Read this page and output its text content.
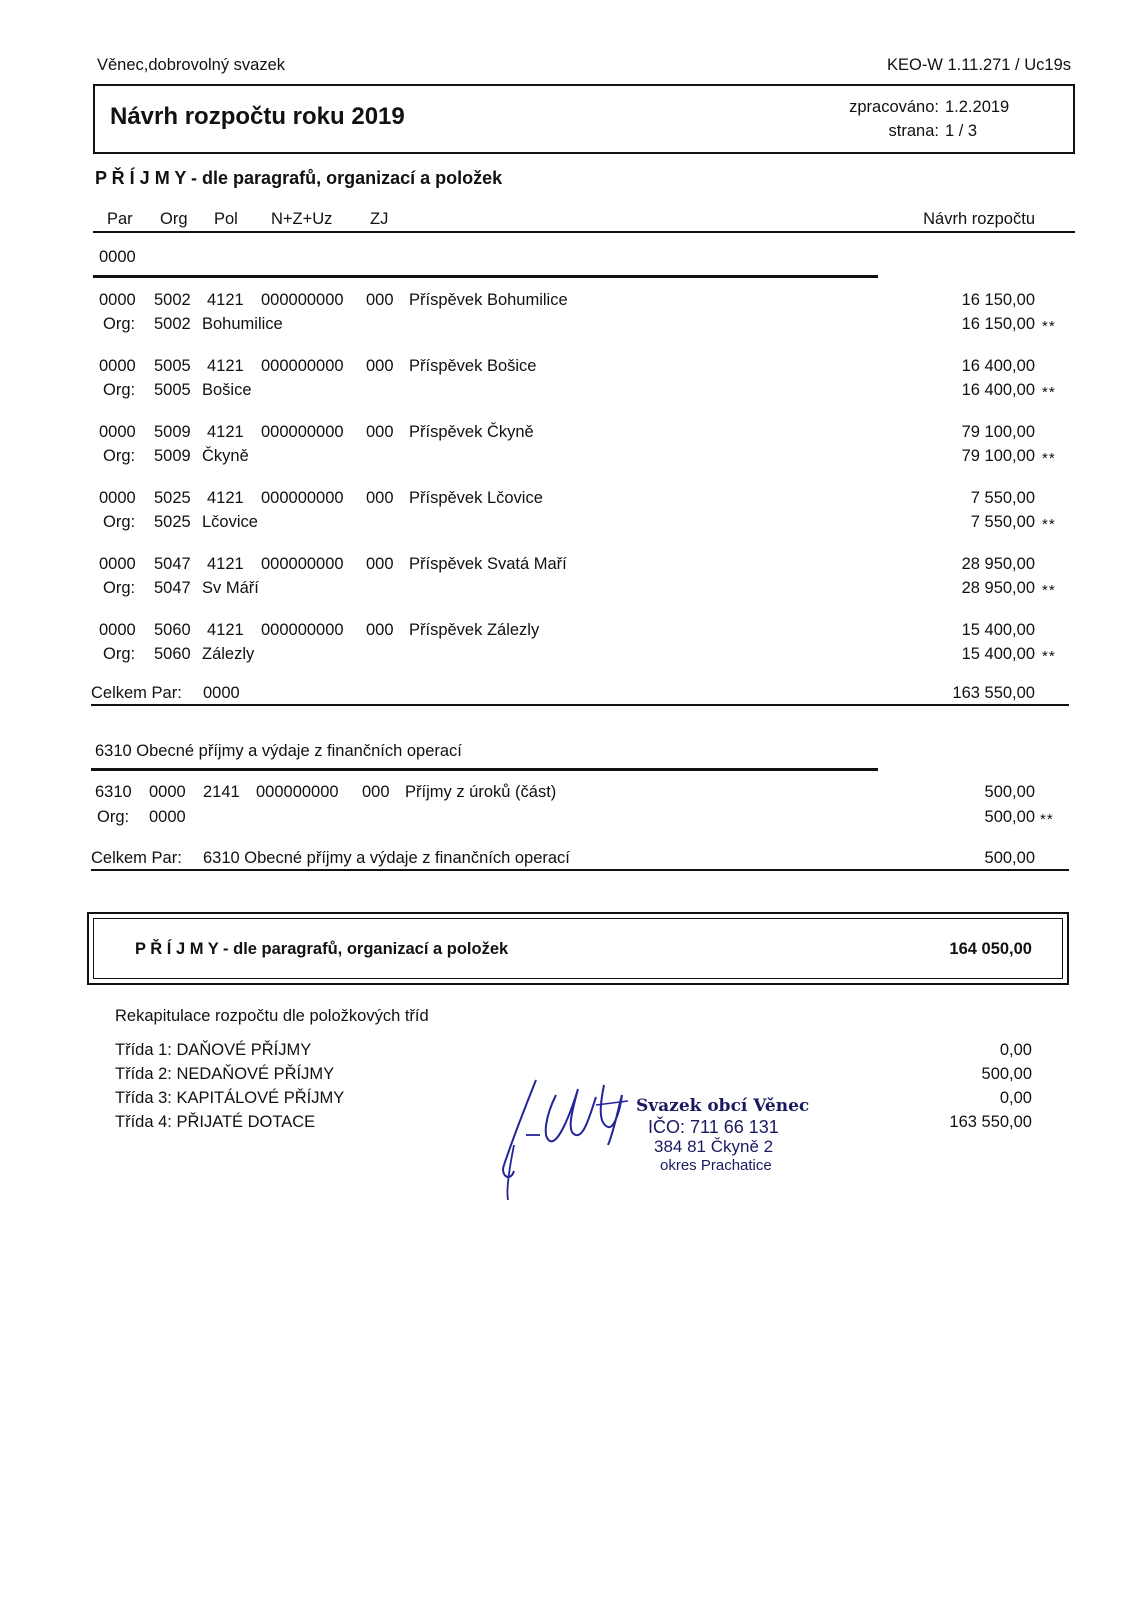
Věnec,dobrovolný svazek	KEO-W 1.11.271 / Uc19s
Návrh rozpočtu roku 2019	zpracováno: 1.2.2019
strana: 1 / 3
P Ř Í J M Y - dle paragrafů, organizací a položek
Par Org Pol N+Z+Uz ZJ	Návrh rozpočtu
0000
0000 5002 4121 000000000 000 Příspěvek Bohumilice	16 150,00
Org: 5002 Bohumilice	16 150,00 **
0000 5005 4121 000000000 000 Příspěvek Bošice	16 400,00
Org: 5005 Bošice	16 400,00 **
0000 5009 4121 000000000 000 Příspěvek Čkyně	79 100,00
Org: 5009 Čkyně	79 100,00 **
0000 5025 4121 000000000 000 Příspěvek Lčovice	7 550,00
Org: 5025 Lčovice	7 550,00 **
0000 5047 4121 000000000 000 Příspěvek Svatá Maří	28 950,00
Org: 5047 Sv Máří	28 950,00 **
0000 5060 4121 000000000 000 Příspěvek Zálezly	15 400,00
Org: 5060 Zálezly	15 400,00 **
Celkem Par: 0000	163 550,00
6310 Obecné příjmy a výdaje z finančních operací
6310 0000 2141 000000000 000 Příjmy z úroků (část)	500,00
Org: 0000	500,00 **
Celkem Par: 6310 Obecné příjmy a výdaje z finančních operací	500,00
P Ř Í J M Y - dle paragrafů, organizací a položek	164 050,00
Rekapitulace rozpočtu dle položkových tříd
Třída 1: DAŇOVÉ PŘÍJMY	0,00
Třída 2: NEDAŇOVÉ PŘÍJMY	500,00
Třída 3: KAPITÁLOVÉ PŘÍJMY	0,00
Třída 4: PŘIJATÉ DOTACE	163 550,00
Svazek obcí Věnec
IČO: 711 66 131
384 81 Čkyně 2
okres Prachatice
